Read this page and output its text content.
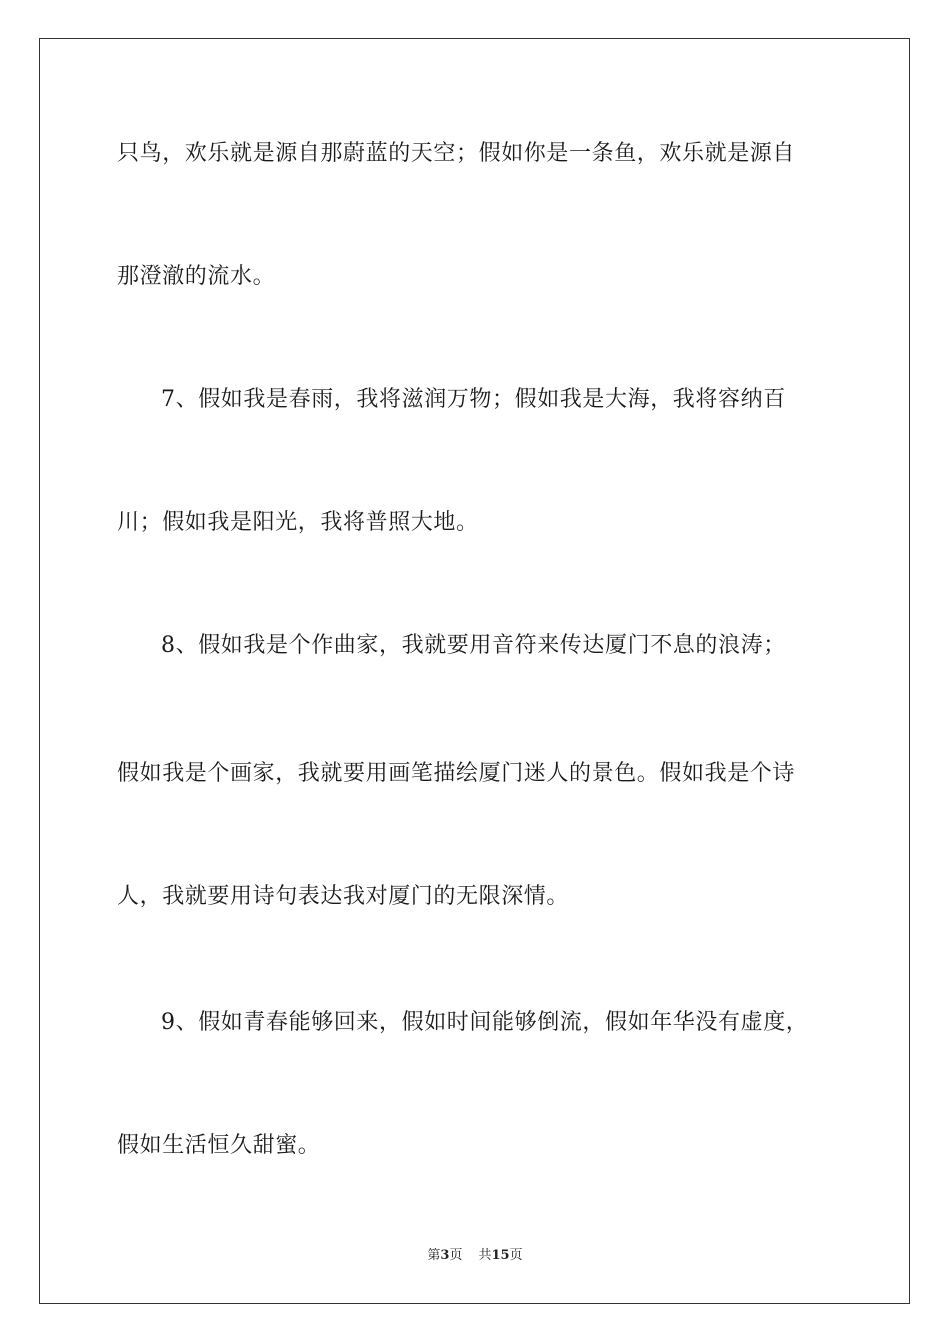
只鸟，欢乐就是源自那蔚蓝的天空；假如你是一条鱼，欢乐就是源自
那澄澈的流水。
7、假如我是春雨，我将滋润万物；假如我是大海，我将容纳百
川；假如我是阳光，我将普照大地。
8、假如我是个作曲家，我就要用音符来传达厦门不息的浪涛；
假如我是个画家，我就要用画笔描绘厦门迷人的景色。假如我是个诗
人，我就要用诗句表达我对厦门的无限深情。
9、假如青春能够回来，假如时间能够倒流，假如年华没有虚度，
假如生活恒久甜蜜。
第3页 共15页
